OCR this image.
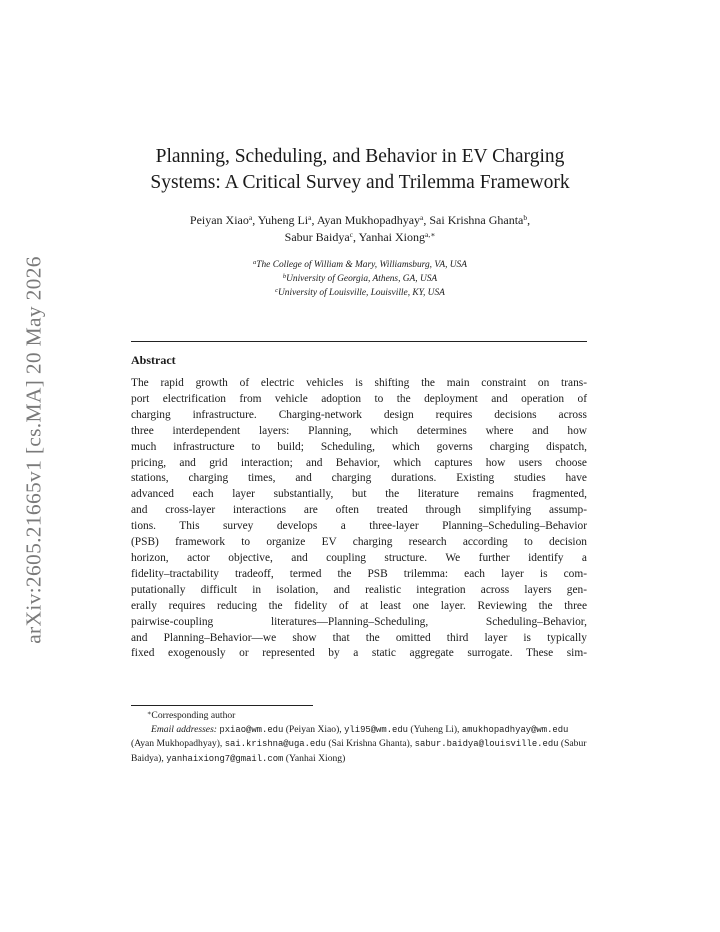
arXiv:2605.21665v1 [cs.MA] 20 May 2026
Planning, Scheduling, and Behavior in EV Charging
Systems: A Critical Survey and Trilemma Framework
Peiyan Xiao$^a$, Yuheng Li$^a$, Ayan Mukhopadhyay$^a$, Sai Krishna Ghanta$^b$,
Sabur Baidya$^c$, Yanhai Xiong$^{a,∗}$
$^a$The College of William & Mary, Williamsburg, VA, USA
$^b$University of Georgia, Athens, GA, USA
$^c$University of Louisville, Louisville, KY, USA
Abstract
The rapid growth of electric vehicles is shifting the main constraint on trans-
port electrification from vehicle adoption to the deployment and operation of
charging infrastructure. Charging-network design requires decisions across
three interdependent layers: Planning, which determines where and how
much infrastructure to build; Scheduling, which governs charging dispatch,
pricing, and grid interaction; and Behavior, which captures how users choose
stations, charging times, and charging durations. Existing studies have
advanced each layer substantially, but the literature remains fragmented,
and cross-layer interactions are often treated through simplifying assump-
tions. This survey develops a three-layer Planning–Scheduling–Behavior
(PSB) framework to organize EV charging research according to decision
horizon, actor objective, and coupling structure. We further identify a
fidelity–tractability tradeoff, termed the PSB trilemma: each layer is com-
putationally difficult in isolation, and realistic integration across layers gen-
erally requires reducing the fidelity of at least one layer. Reviewing the three
pairwise-coupling literatures—Planning–Scheduling, Scheduling–Behavior,
and Planning–Behavior—we show that the omitted third layer is typically
fixed exogenously or represented by a static aggregate surrogate. These sim-
∗Corresponding author
Email addresses: pxiao@wm.edu (Peiyan Xiao), yli95@wm.edu (Yuheng Li), amukhopadhyay@wm.edu (Ayan Mukhopadhyay), sai.krishna@uga.edu (Sai Krishna Ghanta), sabur.baidya@louisville.edu (Sabur Baidya), yanhaixiong7@gmail.com (Yanhai Xiong)
